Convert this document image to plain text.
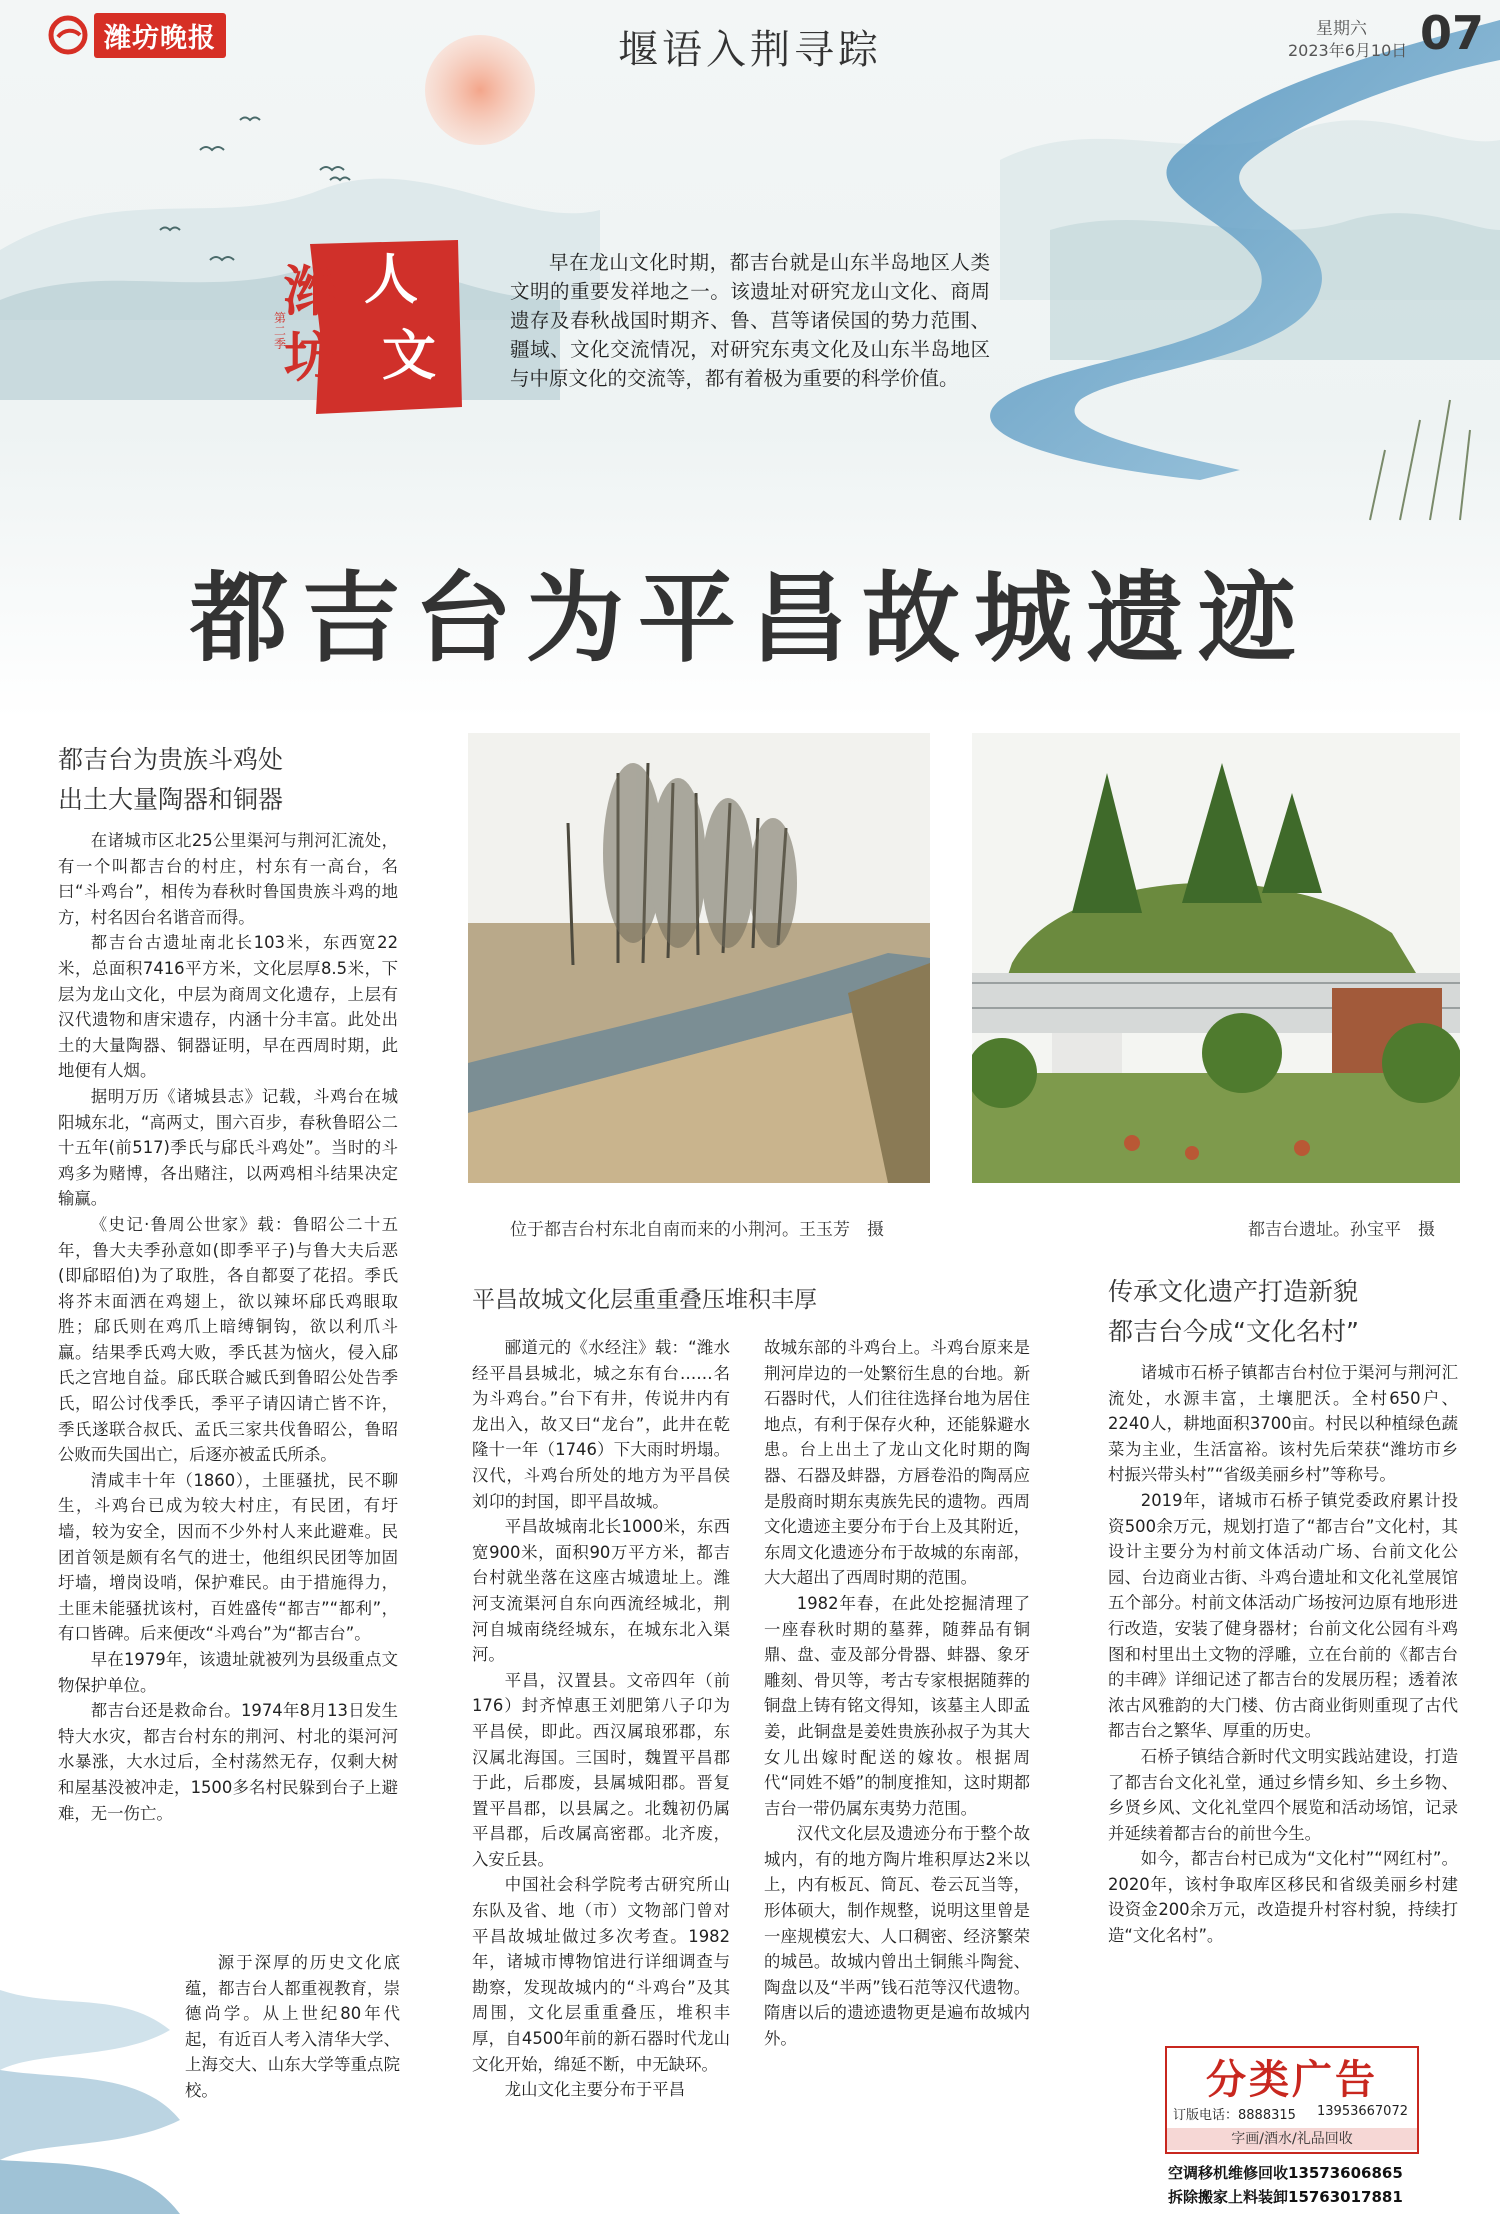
潍坊晚报	堰语入荆寻踪	星期六
2023年6月10日 07
潍
坊
人
文
第二季
早在龙山文化时期，都吉台就是山东半岛地区人类文明的重要发祥地之一。该遗址对研究龙山文化、商周遗存及春秋战国时期齐、鲁、莒等诸侯国的势力范围、疆域、文化交流情况，对研究东夷文化及山东半岛地区与中原文化的交流等，都有着极为重要的科学价值。
都吉台为平昌故城遗迹
都吉台为贵族斗鸡处
出土大量陶器和铜器

在诸城市区北25公里渠河与荆河汇流处，有一个叫都吉台的村庄，村东有一高台，名曰“斗鸡台”，相传为春秋时鲁国贵族斗鸡的地方，村名因台名谐音而得。

都吉台古遗址南北长103米，东西宽22米，总面积7416平方米，文化层厚8.5米，下层为龙山文化，中层为商周文化遗存，上层有汉代遗物和唐宋遗存，内涵十分丰富。此处出土的大量陶器、铜器证明，早在西周时期，此地便有人烟。

据明万历《诸城县志》记载，斗鸡台在城阳城东北，“高两丈，围六百步，春秋鲁昭公二十五年(前517)季氏与郈氏斗鸡处”。当时的斗鸡多为赌博，各出赌注，以两鸡相斗结果决定输赢。

《史记·鲁周公世家》载：鲁昭公二十五年，鲁大夫季孙意如(即季平子)与鲁大夫后恶(即郈昭伯)为了取胜，各自都耍了花招。季氏将芥末面洒在鸡翅上，欲以辣坏郈氏鸡眼取胜；郈氏则在鸡爪上暗缚铜钩，欲以利爪斗赢。结果季氏鸡大败，季氏甚为恼火，侵入郈氏之宫地自益。郈氏联合臧氏到鲁昭公处告季氏，昭公讨伐季氏，季平子请囚请亡皆不许，季氏遂联合叔氏、孟氏三家共伐鲁昭公，鲁昭公败而失国出亡，后逐亦被孟氏所杀。

清咸丰十年（1860），土匪骚扰，民不聊生，斗鸡台已成为较大村庄，有民团，有圩墙，较为安全，因而不少外村人来此避难。民团首领是颇有名气的进士，他组织民团等加固圩墙，增岗设哨，保护难民。由于措施得力，土匪未能骚扰该村，百姓盛传“都吉”“都利”，有口皆碑。后来便改“斗鸡台”为“都吉台”。

早在1979年，该遗址就被列为县级重点文物保护单位。

都吉台还是救命台。1974年8月13日发生特大水灾，都吉台村东的荆河、村北的渠河河水暴涨，大水过后，全村荡然无存，仅剩大树和屋基没被冲走，1500多名村民躲到台子上避难，无一伤亡。

源于深厚的历史文化底蕴，都吉台人都重视教育，崇德尚学。从上世纪80年代起，有近百人考入清华大学、上海交大、山东大学等重点院校。

位于都吉台村东北自南而来的小荆河。王玉芳　摄	都吉台遗址。孙宝平　摄
平昌故城文化层重重叠压堆积丰厚

郦道元的《水经注》载：“潍水经平昌县城北，城之东有台……名为斗鸡台。”台下有井，传说井内有龙出入，故又曰“龙台”，此井在乾隆十一年（1746）下大雨时坍塌。汉代，斗鸡台所处的地方为平昌侯刘卬的封国，即平昌故城。

平昌故城南北长1000米，东西宽900米，面积90万平方米，都吉台村就坐落在这座古城遗址上。潍河支流渠河自东向西流经城北，荆河自城南绕经城东，在城东北入渠河。

平昌，汉置县。文帝四年（前176）封齐悼惠王刘肥第八子卬为平昌侯，即此。西汉属琅邪郡，东汉属北海国。三国时，魏置平昌郡于此，后郡废，县属城阳郡。晋复置平昌郡，以县属之。北魏初仍属平昌郡，后改属高密郡。北齐废，入安丘县。

中国社会科学院考古研究所山东队及省、地（市）文物部门曾对平昌故城址做过多次考查。1982年，诸城市博物馆进行详细调查与勘察，发现故城内的“斗鸡台”及其周围，文化层重重叠压，堆积丰厚，自4500年前的新石器时代龙山文化开始，绵延不断，中无缺环。

龙山文化主要分布于平昌

故城东部的斗鸡台上。斗鸡台原来是荆河岸边的一处繁衍生息的台地。新石器时代，人们往往选择台地为居住地点，有利于保存火种，还能躲避水患。台上出土了龙山文化时期的陶器、石器及蚌器，方唇卷沿的陶鬲应是殷商时期东夷族先民的遗物。西周文化遗迹主要分布于台上及其附近，东周文化遗迹分布于故城的东南部，大大超出了西周时期的范围。

1982年春，在此处挖掘清理了一座春秋时期的墓葬，随葬品有铜鼎、盘、壶及部分骨器、蚌器、象牙雕刻、骨贝等，考古专家根据随葬的铜盘上铸有铭文得知，该墓主人即孟姜，此铜盘是姜姓贵族孙叔子为其大女儿出嫁时配送的嫁妆。根据周代“同姓不婚”的制度推知，这时期都吉台一带仍属东夷势力范围。

汉代文化层及遗迹分布于整个故城内，有的地方陶片堆积厚达2米以上，内有板瓦、筒瓦、卷云瓦当等，形体硕大，制作规整，说明这里曾是一座规模宏大、人口稠密、经济繁荣的城邑。故城内曾出土铜熊斗陶瓮、陶盘以及“半两”钱石范等汉代遗物。隋唐以后的遗迹遗物更是遍布故城内外。

传承文化遗产打造新貌
都吉台今成“文化名村”

诸城市石桥子镇都吉台村位于渠河与荆河汇流处，水源丰富，土壤肥沃。全村650户、2240人，耕地面积3700亩。村民以种植绿色蔬菜为主业，生活富裕。该村先后荣获“潍坊市乡村振兴带头村”“省级美丽乡村”等称号。

2019年，诸城市石桥子镇党委政府累计投资500余万元，规划打造了“都吉台”文化村，其设计主要分为村前文体活动广场、台前文化公园、台边商业古街、斗鸡台遗址和文化礼堂展馆五个部分。村前文体活动广场按河边原有地形进行改造，安装了健身器材；台前文化公园有斗鸡图和村里出土文物的浮雕，立在台前的《都吉台的丰碑》详细记述了都吉台的发展历程；透着浓浓古风雅韵的大门楼、仿古商业街则重现了古代都吉台之繁华、厚重的历史。

石桥子镇结合新时代文明实践站建设，打造了都吉台文化礼堂，通过乡情乡知、乡土乡物、乡贤乡风、文化礼堂四个展览和活动场馆，记录并延续着都吉台的前世今生。

如今，都吉台村已成为“文化村”“网红村”。2020年，该村争取库区移民和省级美丽乡村建设资金200余万元，改造提升村容村貌，持续打造“文化名村”。

分类广告
订版电话：8888315 13953667072
字画/酒水/礼品回收
空调移机维修回收13573606865
拆除搬家上料装卸15763017881
